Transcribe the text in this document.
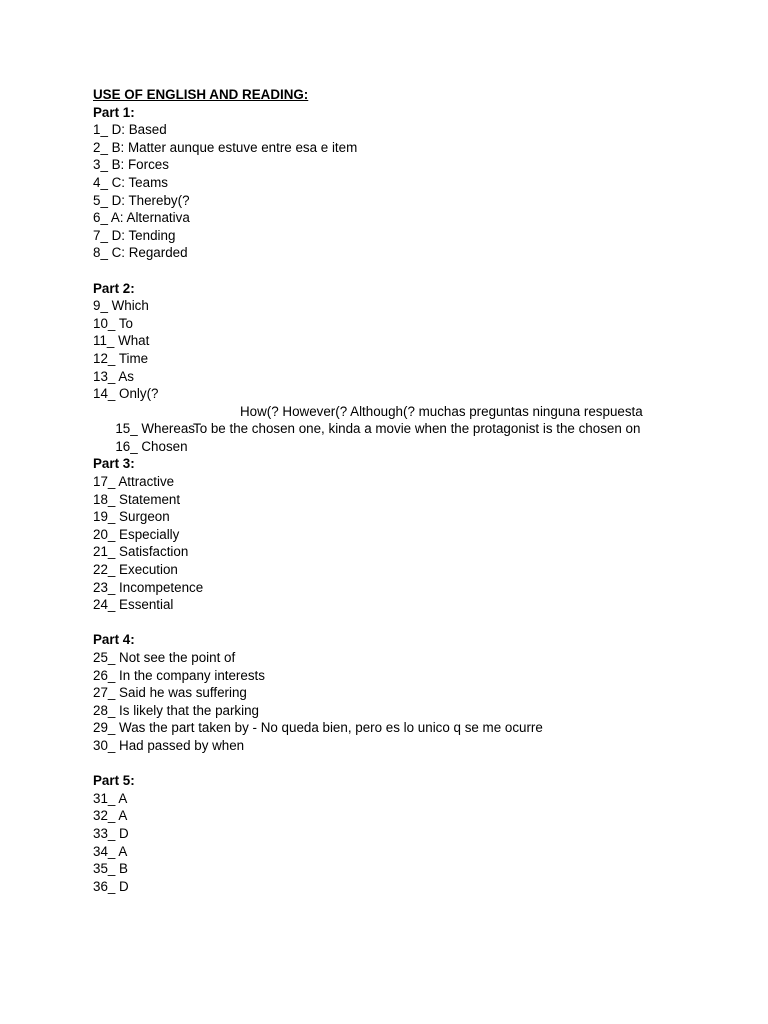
USE OF ENGLISH AND READING:
Part 1:
1_ D: Based
2_ B: Matter aunque estuve entre esa e item
3_ B: Forces
4_ C: Teams
5_ D: Thereby(?
6_ A: Alternativa
7_ D: Tending
8_ C: Regarded
Part 2:
9_ Which
10_ To
11_ What
12_ Time
13_ As
14_ Only(?

15_ Whereas

How(? However(? Although(? muchas preguntas ninguna respuesta

16_ Chosen

To be the chosen one, kinda a movie when the protagonist is the chosen on

Part 3:
17_ Attractive
18_ Statement
19_ Surgeon
20_ Especially
21_ Satisfaction
22_ Execution
23_ Incompetence
24_ Essential
Part 4:
25_ Not see the point of
26_ In the company interests
27_ Said he was suffering
28_ Is likely that the parking
29_ Was the part taken by - No queda bien, pero es lo unico q se me ocurre
30_ Had passed by when
Part 5:
31_ A
32_ A
33_ D
34_ A
35_ B
36_ D
